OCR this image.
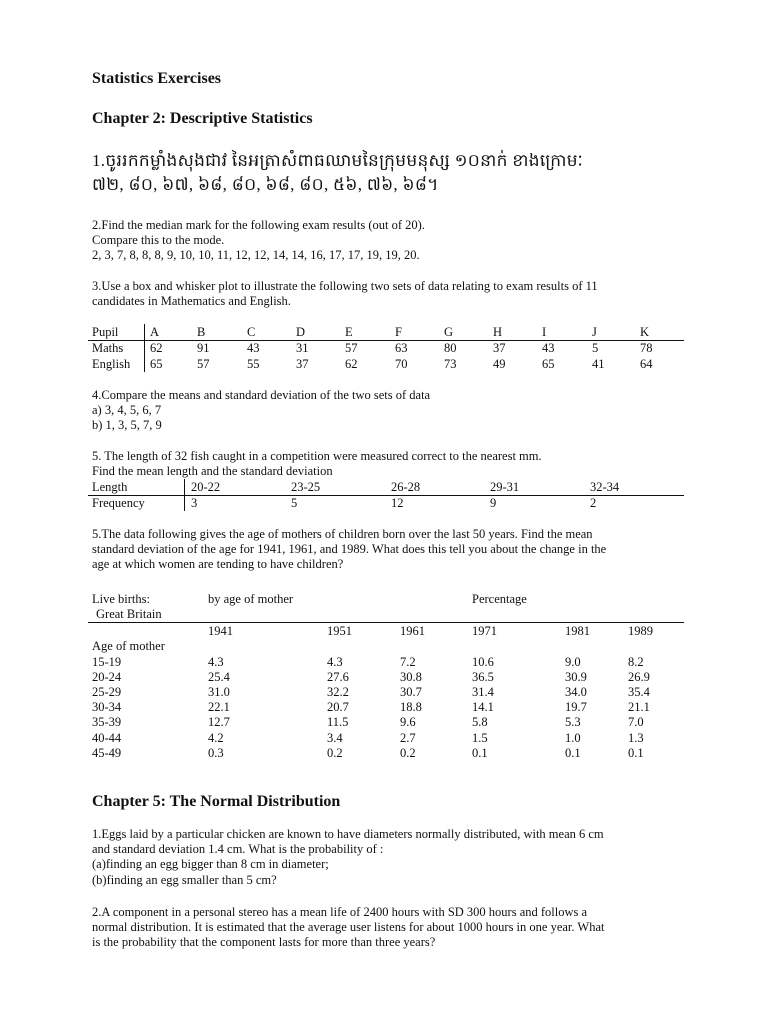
Statistics Exercises
Chapter 2: Descriptive Statistics
1.ចូររកកម្លាំងសុងជាវ នៃអត្រាសំពាធឈាមនៃក្រុមមនុស្ស ១០នាក់ ខាងក្រោមៈ
៧២, ៨០, ៦៧, ៦៨, ៨០, ៦៨, ៨០, ៥៦, ៧៦, ៦៨។
2.Find the median mark for the following exam results (out of 20).
Compare this to the mode.
2, 3, 7, 8, 8, 8, 9, 10, 10, 11, 12, 12, 14, 14, 16, 17, 17, 19, 19, 20.
3.Use a box and whisker plot to illustrate the following two sets of data relating to exam results of 11
candidates in Mathematics and English.
Pupil	A	B	C	D	E	F	G	H	I	J	K
Maths 62	91	43	31	57	63	80	37	43	5	78
English 65	57	55	37	62	70	73	49	65	41	64
4.Compare the means and standard deviation of the two sets of data
a) 3, 4, 5, 6, 7
b) 1, 3, 5, 7, 9
5. The length of 32 fish caught in a competition were measured correct to the nearest mm.
Find the mean length and the standard deviation
Length	20-22	23-25	26-28	29-31	32-34
Frequency	3	5	12	9	2
5.The data following gives the age of mothers of children born over the last 50 years. Find the mean
standard deviation of the age for 1941, 1961, and 1989. What does this tell you about the change in the
age at which women are tending to have children?
Live births:
Great Britain
by age of mother	Percentage
1941	1951	1961	1971	1981	1989
Age of mother
15-19	4.3	4.3	7.2	10.6	9.0	8.2
20-24	25.4	27.6	30.8	36.5	30.9	26.9
25-29	31.0	32.2	30.7	31.4	34.0	35.4
30-34	22.1	20.7	18.8	14.1	19.7	21.1
35-39	12.7	11.5	9.6	5.8	5.3	7.0
40-44	4.2	3.4	2.7	1.5	1.0	1.3
45-49	0.3	0.2	0.2	0.1	0.1	0.1
Chapter 5: The Normal Distribution
1.Eggs laid by a particular chicken are known to have diameters normally distributed, with mean 6 cm
and standard deviation 1.4 cm. What is the probability of :
(a)finding an egg bigger than 8 cm in diameter;
(b)finding an egg smaller than 5 cm?
2.A component in a personal stereo has a mean life of 2400 hours with SD 300 hours and follows a
normal distribution. It is estimated that the average user listens for about 1000 hours in one year. What
is the probability that the component lasts for more than three years?
